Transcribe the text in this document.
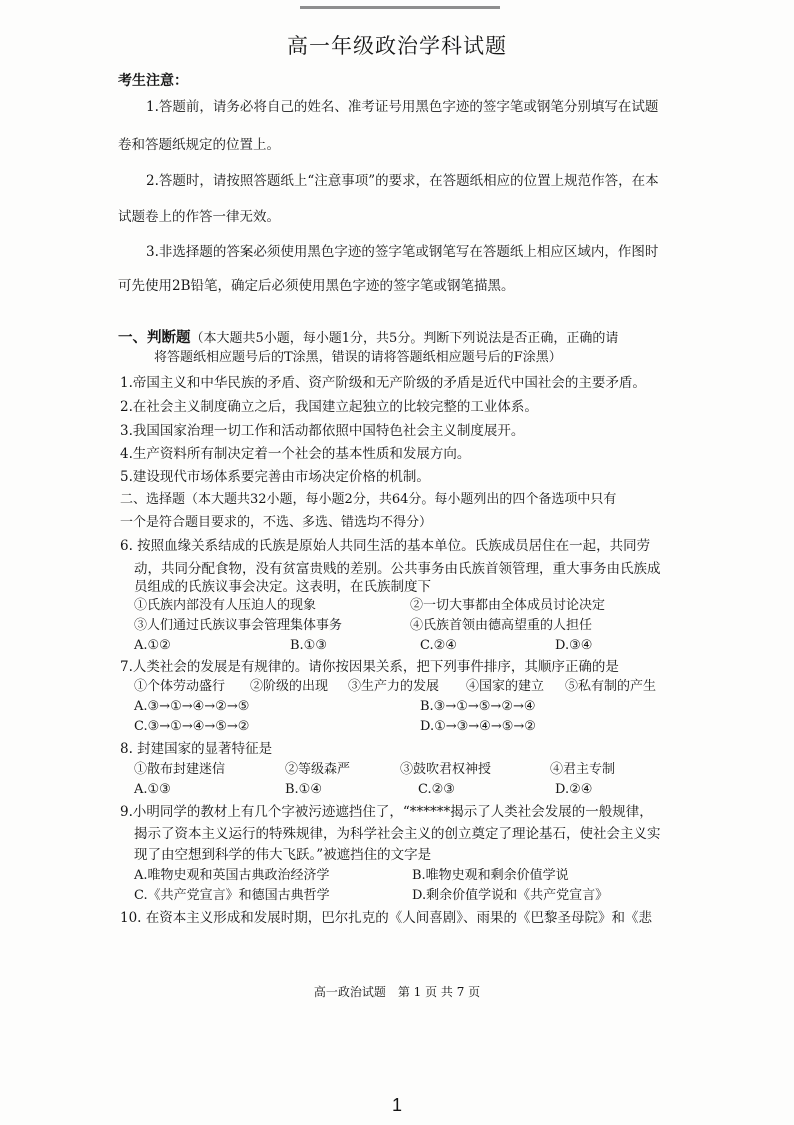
高一年级政治学科试题
考生注意：
1.答题前，请务必将自己的姓名、准考证号用黑色字迹的签字笔或钢笔分别填写在试题
卷和答题纸规定的位置上。
2.答题时，请按照答题纸上“注意事项”的要求，在答题纸相应的位置上规范作答，在本
试题卷上的作答一律无效。
3.非选择题的答案必须使用黑色字迹的签字笔或钢笔写在答题纸上相应区域内，作图时
可先使用2B铅笔，确定后必须使用黑色字迹的签字笔或钢笔描黑。
一、判断题（本大题共5小题，每小题1分，共5分。判断下列说法是否正确，正确的请
将答题纸相应题号后的T涂黑，错误的请将答题纸相应题号后的F涂黑）
1.帝国主义和中华民族的矛盾、资产阶级和无产阶级的矛盾是近代中国社会的主要矛盾。
2.在社会主义制度确立之后，我国建立起独立的比较完整的工业体系。
3.我国国家治理一切工作和活动都依照中国特色社会主义制度展开。
4.生产资料所有制决定着一个社会的基本性质和发展方向。
5.建设现代市场体系要完善由市场决定价格的机制。
二、选择题（本大题共32小题，每小题2分，共64分。每小题列出的四个备选项中只有
一个是符合题目要求的，不选、多选、错选均不得分）
6. 按照血缘关系结成的氏族是原始人共同生活的基本单位。氏族成员居住在一起，共同劳
动，共同分配食物，没有贫富贵贱的差别。公共事务由氏族首领管理，重大事务由氏族成
员组成的氏族议事会决定。这表明，在氏族制度下
①氏族内部没有人压迫人的现象	②一切大事都由全体成员讨论决定
③人们通过氏族议事会管理集体事务	④氏族首领由德高望重的人担任
A.①②	B.①③	C.②④	D.③④
7.人类社会的发展是有规律的。请你按因果关系，把下列事件排序，其顺序正确的是
①个体劳动盛行 ②阶级的出现 ③生产力的发展 ④国家的建立 ⑤私有制的产生
A.③→①→④→②→⑤	B.③→①→⑤→②→④
C.③→①→④→⑤→②	D.①→③→④→⑤→②
8. 封建国家的显著特征是
①散布封建迷信	②等级森严	③鼓吹君权神授	④君主专制
A.①③	B.①④	C.②③	D.②④
9.小明同学的教材上有几个字被污迹遮挡住了，“******揭示了人类社会发展的一般规律，
揭示了资本主义运行的特殊规律，为科学社会主义的创立奠定了理论基石，使社会主义实
现了由空想到科学的伟大飞跃。”被遮挡住的文字是
A.唯物史观和英国古典政治经济学	B.唯物史观和剩余价值学说
C.《共产党宣言》和德国古典哲学	D.剩余价值学说和《共产党宣言》
10. 在资本主义形成和发展时期，巴尔扎克的《人间喜剧》、雨果的《巴黎圣母院》和《悲
高一政治试题　第 1 页 共 7 页
1
